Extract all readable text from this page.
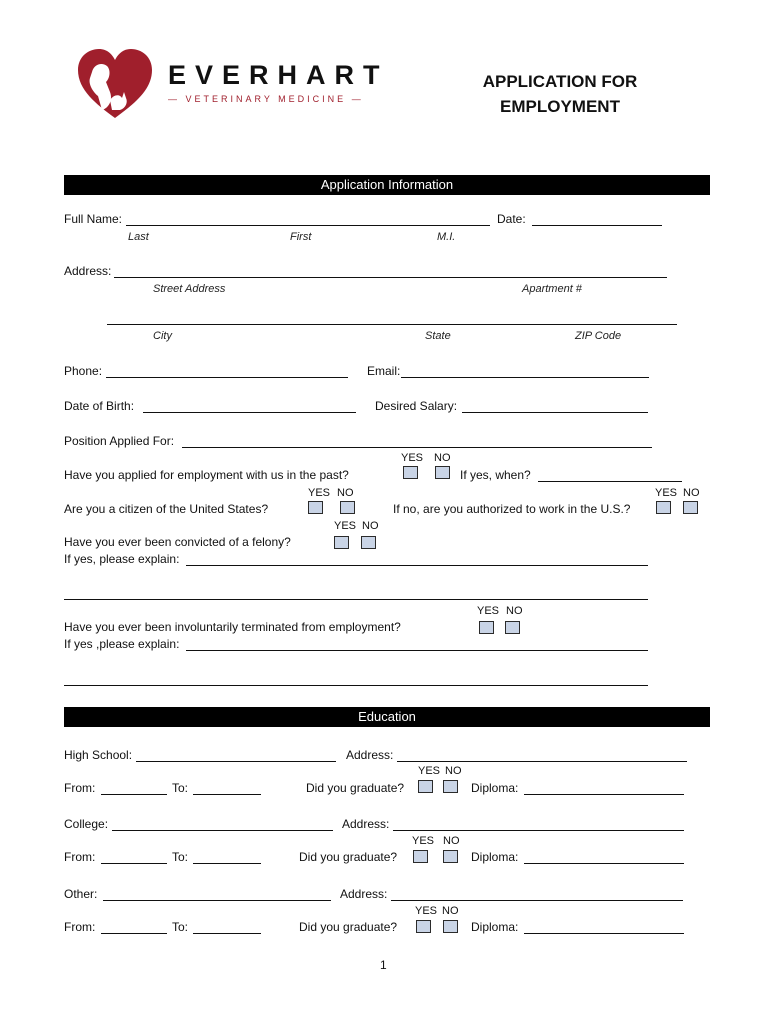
EVERHART
— VETERINARY MEDICINE —
APPLICATION FOR
EMPLOYMENT
Application Information
Full Name:	Date:
Last	First	M.I.
Address:
Street Address	Apartment #
City	State	ZIP Code
Phone:	Email:
Date of Birth:	Desired Salary:
Position Applied For:
YES NO
Have you applied for employment with us in the past?	If yes, when?
YES NO
Are you a citizen of the United States?	If no, are you authorized to work in the U.S.?
YES NO
YES NO
Have you ever been convicted of a felony?
If yes, please explain:
YES NO
Have you ever been involuntarily terminated from employment?
If yes ,please explain:
Education
High School:	Address:
YES NO
From:	To:	Did you graduate?	Diploma:
College:	Address:
YES NO
From:	To:	Did you graduate?	Diploma:
Other:	Address:
YES NO
From:	To:	Did you graduate?	Diploma:
1
